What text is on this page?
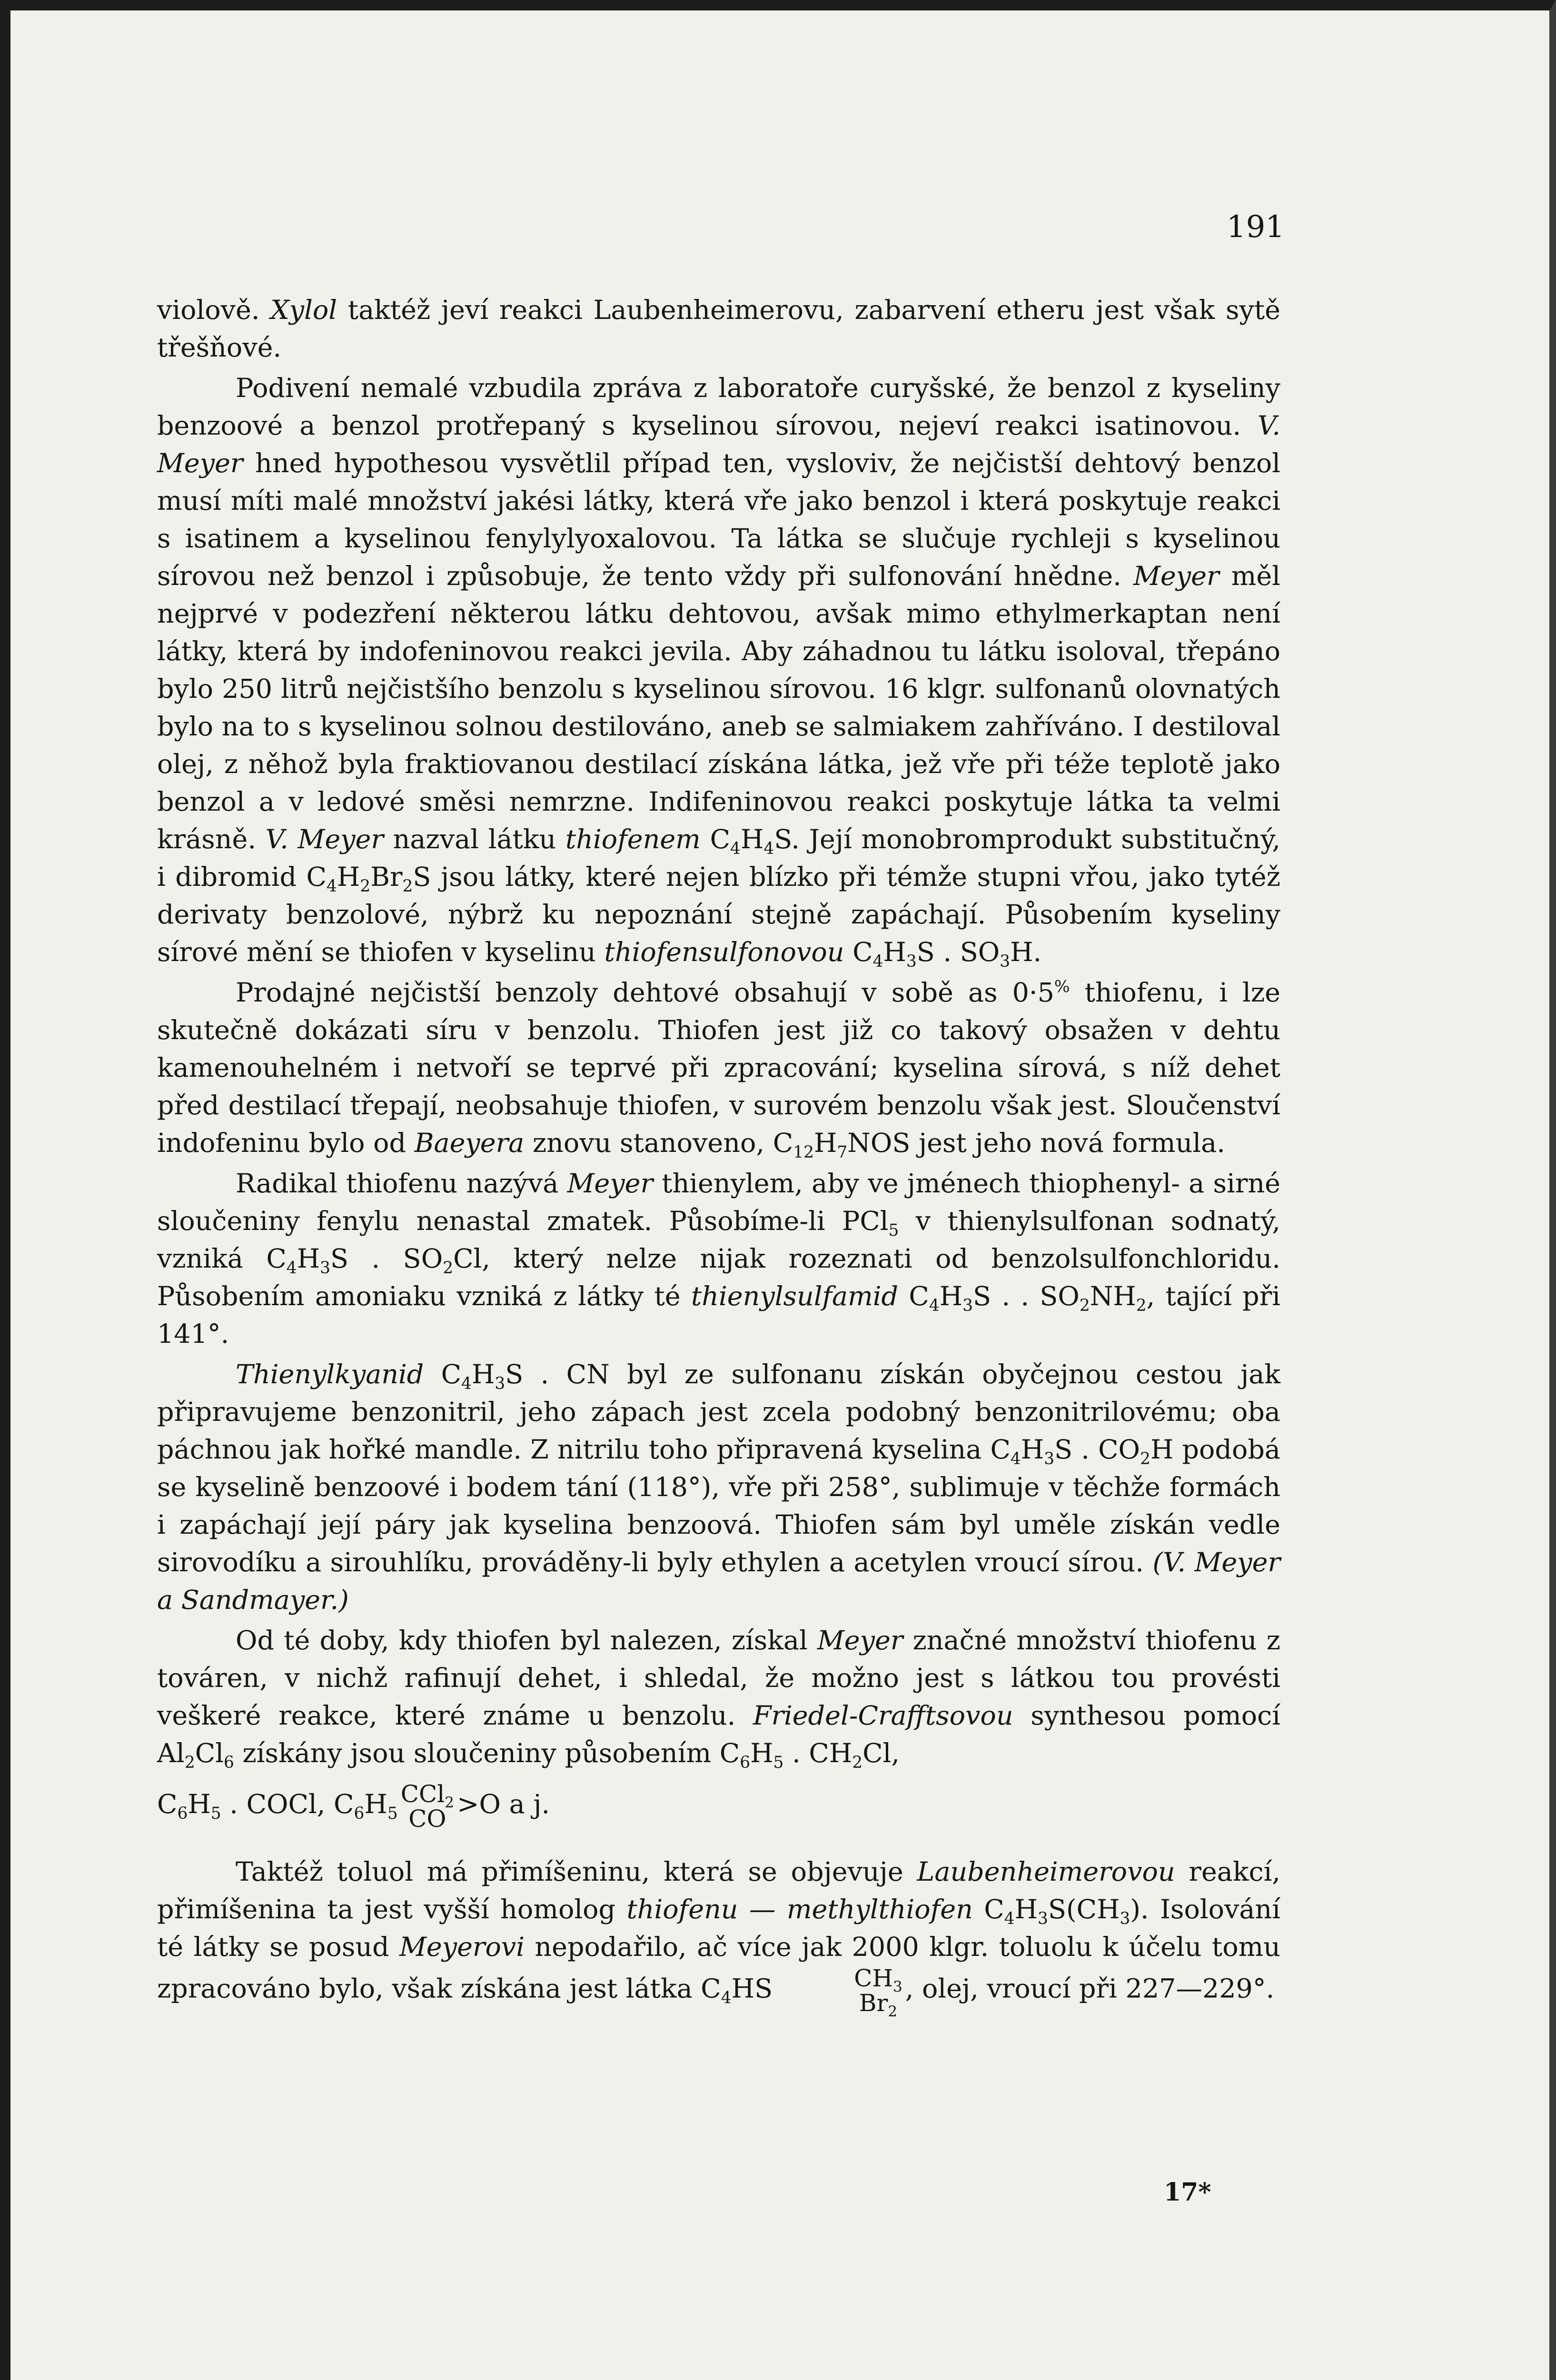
191

violově. Xylol taktéž jeví reakci Laubenheimerovu, zabarvení etheru jest však sytě třešňové.

Podivení nemalé vzbudila zpráva z laboratoře curyšské, že benzol z kyseliny benzoové a benzol protřepaný s kyselinou sírovou, nejeví reakci isatinovou. V. Meyer hned hypothesou vysvětlil případ ten, vysloviv, že nejčistší dehtový benzol musí míti malé množství jakési látky, která vře jako benzol i která poskytuje reakci s isatinem a kyselinou fenylylyoxalovou. Ta látka se slučuje rychleji s kyselinou sírovou než benzol i způsobuje, že tento vždy při sulfonování hnědne. Meyer měl nejprvé v podezření některou látku dehtovou, avšak mimo ethylmerkaptan není látky, která by indofeninovou reakci jevila. Aby záhadnou tu látku isoloval, třepáno bylo 250 litrů nejčistšího benzolu s kyselinou sírovou. 16 klgr. sulfonanů olovnatých bylo na to s kyselinou solnou destilováno, aneb se salmiakem zahříváno. I destiloval olej, z něhož byla fraktiovanou destilací získána látka, jež vře při téže teplotě jako benzol a v ledové směsi nemrzne. Indifeninovou reakci poskytuje látka ta velmi krásně. V. Meyer nazval látku thiofenem $C_4H_4S$. Její monobromprodukt substitučný, i dibromid $C_4H_2Br_2S$ jsou látky, které nejen blízko při témže stupni vřou, jako tytéž derivaty benzolové, nýbrž ku nepoznání stejně zapáchají. Působením kyseliny sírové mění se thiofen v kyselinu thiofensulfonovou $C_4H_3S$ . $SO_3H$.

Prodajné nejčistší benzoly dehtové obsahují v sobě as 0·5% thiofenu, i lze skutečně dokázati síru v benzolu. Thiofen jest již co takový obsažen v dehtu kamenouhelném i netvoří se teprvé při zpracování; kyselina sírová, s níž dehet před destilací třepají, neobsahuje thiofen, v surovém benzolu však jest. Sloučenství indofeninu bylo od Baeyera znovu stanoveno, $C_{12}H_7NOS$ jest jeho nová formula.

Radikal thiofenu nazývá Meyer thienylem, aby ve jménech thiophenyl- a sirné sloučeniny fenylu nenastal zmatek. Působíme-li PCl$_5$ v thienylsulfonan sodnatý, vzniká $C_4H_3S$ . $SO_2Cl$, který nelze nijak rozeznati od benzolsulfonchloridu. Působením amoniaku vzniká z látky té thienylsulfamid $C_4H_3S$ . . $SO_2NH_2$, tající při 141°.

Thienylkyanid $C_4H_3S$ . CN byl ze sulfonanu získán obyčejnou cestou jak připravujeme benzonitril, jeho zápach jest zcela podobný benzonitrilovému; oba páchnou jak hořké mandle. Z nitrilu toho připravená kyselina $C_4H_3S$ . $CO_2H$ podobá se kyselině benzoové i bodem tání (118°), vře při 258°, sublimuje v těchže formách i zapáchají její páry jak kyselina benzoová. Thiofen sám byl uměle získán vedle sirovodíku a sirouhlíku, prováděny-li byly ethylen a acetylen vroucí sírou. (V. Meyer a Sandmayer.)

Od té doby, kdy thiofen byl nalezen, získal Meyer značné množství thiofenu z továren, v nichž rafinují dehet, i shledal, že možno jest s látkou tou provésti veškeré reakce, které známe u benzolu. Friedel-Crafftsovou synthesou pomocí $Al_2Cl_6$ získány jsou sloučeniny působením $C_6H_5$ . $CH_2Cl$,

$C_6H_5$ . COCl, $C_6H_5$
CCl$_2$
CO >O a j.

Taktéž toluol má přimíšeninu, která se objevuje Laubenheimerovou reakcí, přimíšenina ta jest vyšší homolog thiofenu — methylthiofen $C_4H_3S(CH_3)$. Isolování té látky se posud Meyerovi nepodařilo, ač více jak 2000 klgr. toluolu k účelu tomu zpracováno bylo, však získána jest látka $C_4HS$	$CH_3$
$Br_2$
, olej, vroucí při 227—229°.

17*
